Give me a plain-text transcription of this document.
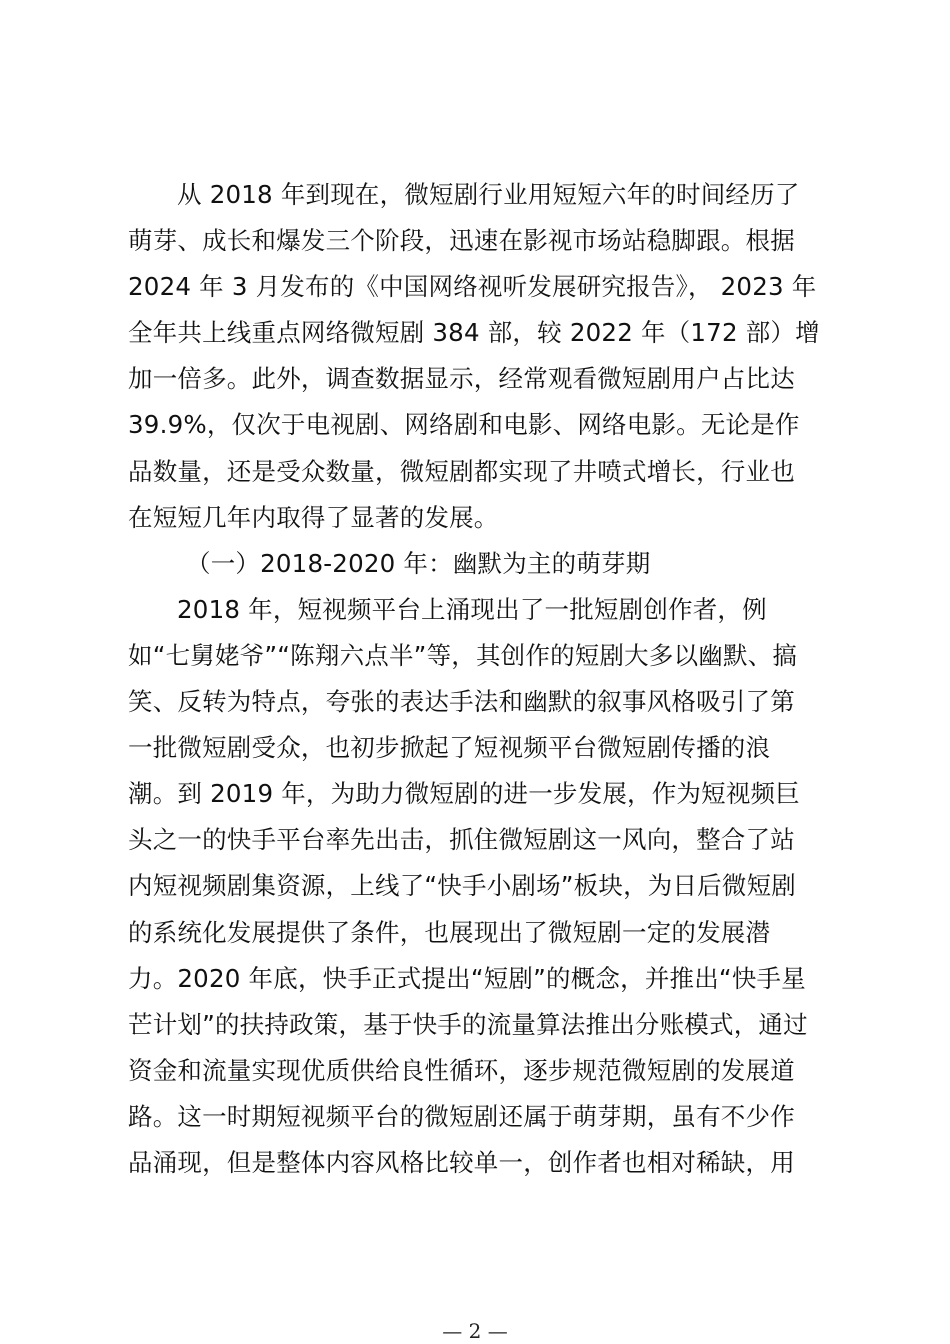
从 2018 年到现在，微短剧行业用短短六年的时间经历了
萌芽、成长和爆发三个阶段，迅速在影视市场站稳脚跟。根据
2024 年 3 月发布的《中国网络视听发展研究报告》， 2023 年
全年共上线重点网络微短剧 384 部，较 2022 年（172 部）增
加一倍多。此外，调查数据显示，经常观看微短剧用户占比达
39.9%，仅次于电视剧、网络剧和电影、网络电影。无论是作
品数量，还是受众数量，微短剧都实现了井喷式增长，行业也
在短短几年内取得了显著的发展。
（一）2018-2020 年：幽默为主的萌芽期
2018 年，短视频平台上涌现出了一批短剧创作者，例
如“七舅姥爷”“陈翔六点半”等，其创作的短剧大多以幽默、搞
笑、反转为特点，夸张的表达手法和幽默的叙事风格吸引了第
一批微短剧受众，也初步掀起了短视频平台微短剧传播的浪
潮。到 2019 年，为助力微短剧的进一步发展，作为短视频巨
头之一的快手平台率先出击，抓住微短剧这一风向，整合了站
内短视频剧集资源，上线了“快手小剧场”板块，为日后微短剧
的系统化发展提供了条件，也展现出了微短剧一定的发展潜
力。2020 年底，快手正式提出“短剧”的概念，并推出“快手星
芒计划”的扶持政策，基于快手的流量算法推出分账模式，通过
资金和流量实现优质供给良性循环，逐步规范微短剧的发展道
路。这一时期短视频平台的微短剧还属于萌芽期，虽有不少作
品涌现，但是整体内容风格比较单一，创作者也相对稀缺，用
— 2 —
